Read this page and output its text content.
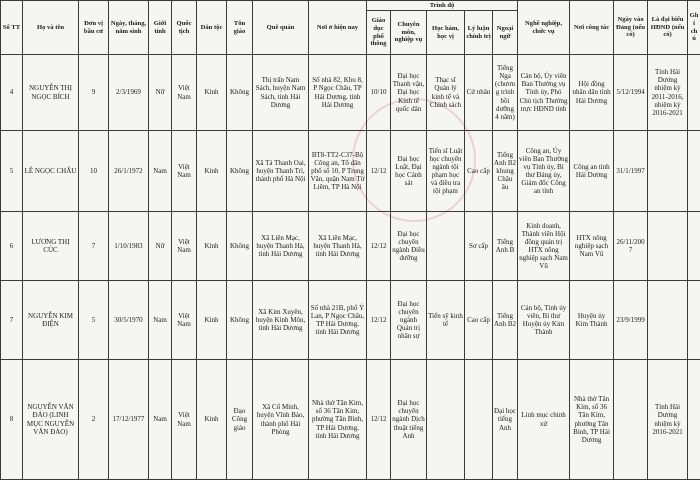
Số TT	Họ và tên	Đơn vị bầu cử	Ngày, tháng, năm sinh	Giới tính	Quốc tịch	Dân tộc	Tôn giáo	Quê quán	Nơi ở hiện nay	Trình độ					Nghề nghiệp, chức vụ	Nơi công tác	Ngày vào Đảng (nếu có)	Là đại biểu HĐND (nếu có)	Ghi chú
										Giáo dục phổ thông	Chuyên môn, nghiệp vụ	Học hàm, học vị	Lý luận chính trị	Ngoại ngữ					
4	NGUYỄN THỊ NGỌC BÍCH	9	2/3/1969	Nữ	Việt Nam	Kinh	Không	Thị trấn Nam Sách, huyện Nam Sách, tỉnh Hải Dương	Số nhà 82, Khu 8, P Ngọc Châu, TP Hải Dương, tỉnh Hải Dương	10/10	Đại học Thanh vận, Đại học Kinh tế quốc dân	Thạc sĩ Quản lý kinh tế và Chính sách	Cử nhân	Tiếng Nga (chương trình bồi dưỡng 4 năm)	Cán bộ, Ủy viên Ban Thường vụ Tỉnh ủy, Phó Chủ tịch Thường trực HĐND tỉnh	Hội đồng nhân dân tỉnh Hải Dương	5/12/1994	Tỉnh Hải Dương nhiệm kỳ 2011-2016, nhiệm kỳ 2016-2021	
5	LÊ NGỌC CHÂU	10	26/1/1972	Nam	Việt Nam	Kinh	Không	Xã Tả Thanh Oai, huyện Thanh Trì, thành phố Hà Nội	BT8-TT2-C37-Bộ Công an, Tổ dân phố số 10, P Trung Văn, quận Nam Từ Liêm, TP Hà Nội	12/12	Đại học Luật, Đại học Cảnh sát	Tiến sĩ Luật học chuyên ngành tội phạm học và điều tra tội phạm	Cao cấp	Tiếng Anh B2 khung Châu âu	Công an, Ủy viên Ban Thường vụ Tỉnh ủy, Bí thư Đảng ủy, Giám đốc Công an tỉnh	Công an tỉnh Hải Dương	31/1/1997		
6	LƯƠNG THỊ CÚC	7	1/10/1983	Nữ	Việt Nam	Kinh	Không	Xã Liên Mạc, huyện Thanh Hà, tỉnh Hải Dương	Xã Liên Mạc, huyện Thanh Hà, tỉnh Hải Dương	12/12	Đại học chuyên ngành Điều dưỡng		Sơ cấp	Tiếng Anh B	Kinh doanh, Thành viên Hội đồng quản trị HTX nông nghiệp sạch Nam Vũ	HTX nông nghiệp sạch Nam Vũ	26/11/2007		
7	NGUYỄN KIM ĐIỆN	5	30/5/1970	Nam	Việt Nam	Kinh	Không	Xã Kim Xuyên, huyện Kinh Môn, tỉnh Hải Dương	Số nhà 21B, phố Ỷ Lan, P Ngọc Châu, TP Hải Dương, tỉnh Hải Dương	12/12	Đại học chuyên ngành Quản trị nhân sự	Tiến sỹ kinh tế	Cao cấp	Tiếng Anh B2	Cán bộ, Tỉnh ủy viên, Bí thư Huyện ủy Kim Thành	Huyện ủy Kim Thành	23/9/1999		
8	NGUYỄN VĂN ĐẢO (LINH MỤC NGUYỄN VĂN ĐẢO)	2	17/12/1977	Nam	Việt Nam	Kinh	Đạo Công giáo	Xã Cổ Minh, huyện Vĩnh Bảo, thành phố Hải Phòng	Nhà thờ Tân Kim, số 36 Tân Kim, phường Tân Bình, TP Hải Dương, tỉnh Hải Dương	12/12	Đại học chuyên ngành Dịch thuật tiếng Anh			Đại học tiếng Anh	Linh mục chính xứ	Nhà thờ Tân Kim, số 36 Tân Kim, phường Tân Bình, TP Hải Dương		Tỉnh Hải Dương nhiệm kỳ 2016-2021	
